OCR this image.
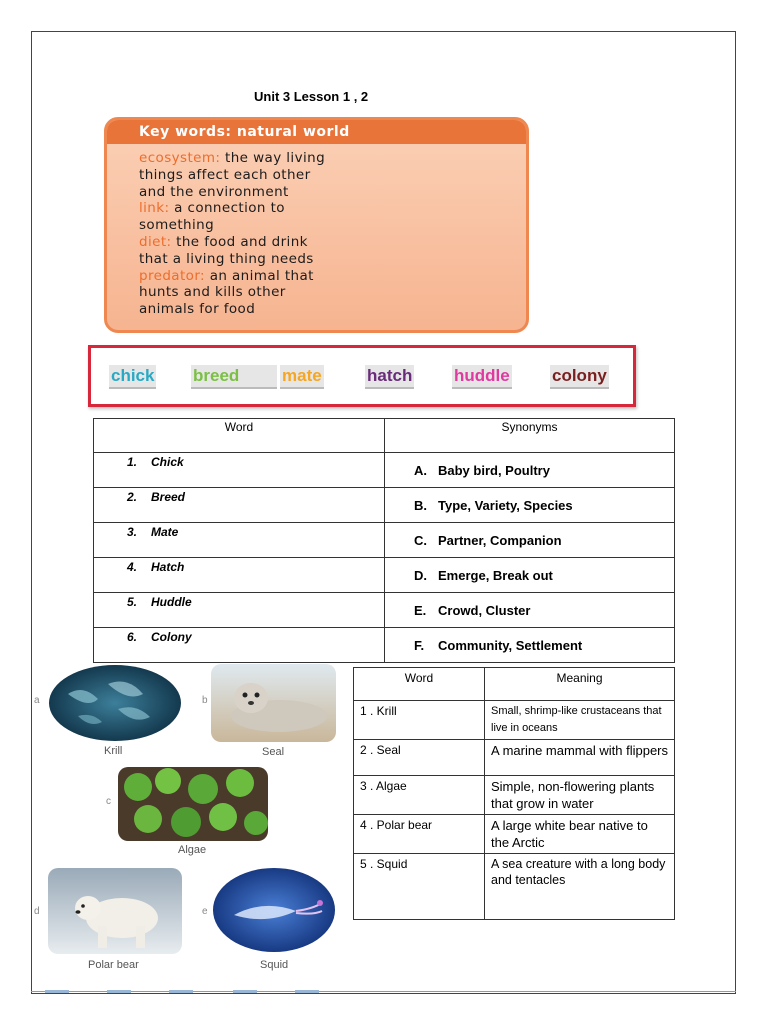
Unit 3 Lesson 1 , 2
Key words: natural world
ecosystem: the way living
things affect each other
and the environment
link: a connection to
something
diet: the food and drink
that a living thing needs
predator: an animal that
hunts and kills other
animals for food
chick breed	mate	hatch huddle colony
Word	Synonyms
1. Chick	A. Baby bird, Poultry
2. Breed	B. Type, Variety, Species
3. Mate	C. Partner, Companion
4. Hatch	D. Emerge, Break out
5. Huddle	E. Crowd, Cluster
6. Colony	F. Community, Settlement
a
Krill
b
Seal
c
Algae
d
Polar bear
e
Squid
Word	Meaning
1 . Krill	Small, shrimp-like crustaceans that live in oceans
2 . Seal	A marine mammal with flippers
3 . Algae	Simple, non-flowering plants that grow in water
4 . Polar bear	A large white bear native to the Arctic
5 . Squid	A sea creature with a long body and tentacles
